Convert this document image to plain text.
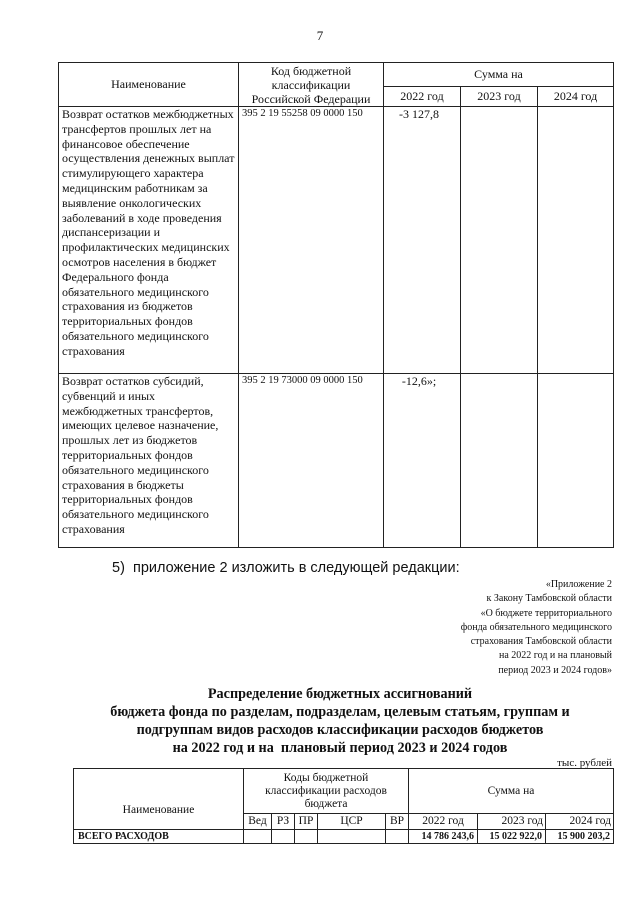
7
Наименование	Код бюджетной классификации Российской Федерации	Сумма на		
		2022 год	2023 год	2024 год
Возврат остатков межбюджетных трансфертов прошлых лет на финансовое обеспечение осуществления денежных выплат стимулирующего характера медицинским работникам за выявление онкологических заболеваний в ходе проведения диспансеризации и профилактических медицинских осмотров населения в бюджет Федерального фонда обязательного медицинского страхования из бюджетов территориальных фондов обязательного медицинского страхования	395 2 19 55258 09 0000 150	-3 127,8		
Возврат остатков субсидий, субвенций и иных межбюджетных трансфертов, имеющих целевое назначение, прошлых лет из бюджетов территориальных фондов обязательного медицинского страхования в бюджеты территориальных фондов обязательного медицинского страхования	395 2 19 73000 09 0000 150	-12,6»;		
5) приложение 2 изложить в следующей редакции:
«Приложение 2
к Закону Тамбовской области
«О бюджете территориального
фонда обязательного медицинского
страхования Тамбовской области
на 2022 год и на плановый
период 2023 и 2024 годов»
Распределение бюджетных ассигнований
бюджета фонда по разделам, подразделам, целевым статьям, группам и
подгруппам видов расходов классификации расходов бюджетов
на 2022 год и на  плановый период 2023 и 2024 годов
тыс. рублей
Наименование	Коды бюджетной классификации расходов бюджета					Сумма на		
	Вед	РЗ	ПР	ЦСР	ВР	2022 год	2023 год	2024 год
ВСЕГО РАСХОДОВ						14 786 243,6	15 022 922,0	15 900 203,2
